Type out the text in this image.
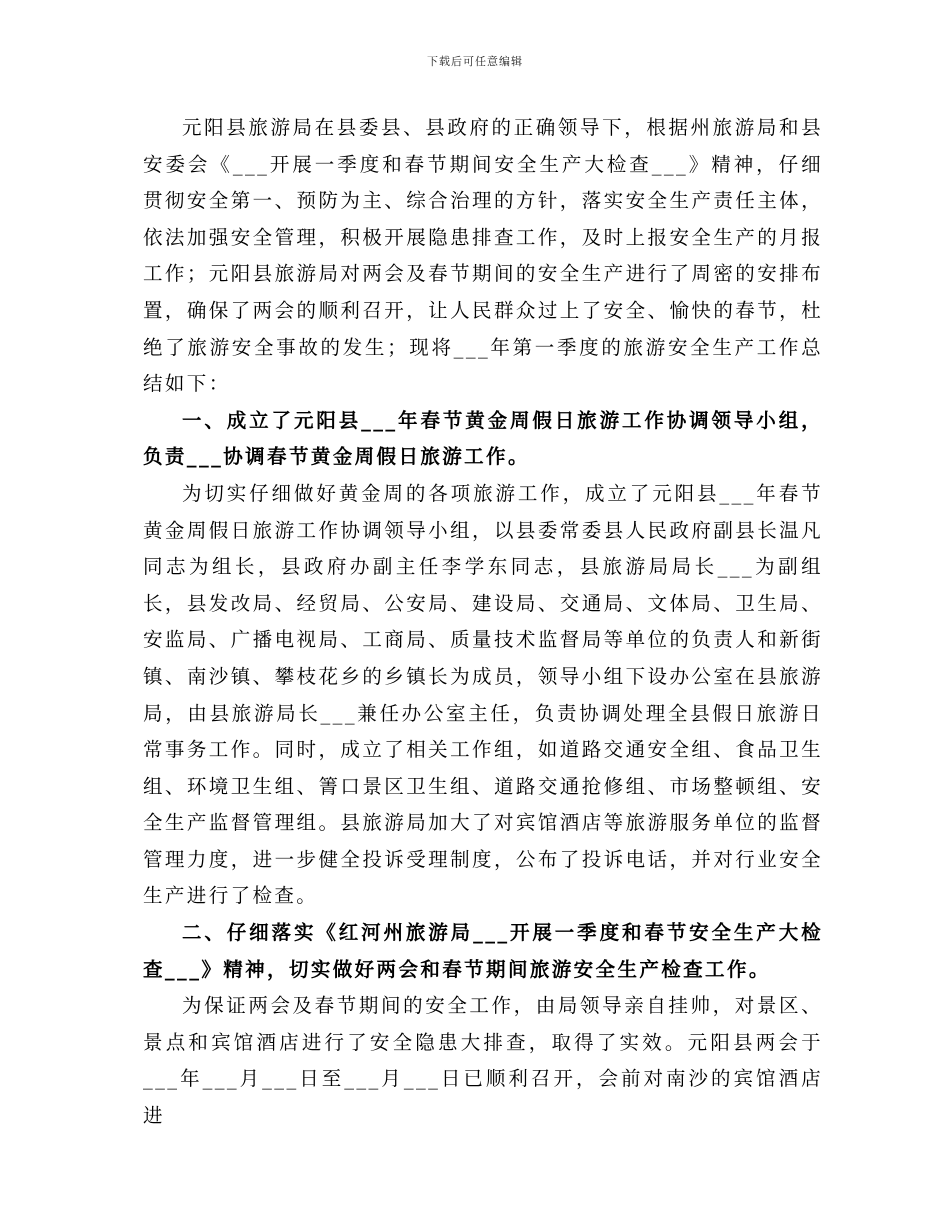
下载后可任意编辑

元阳县旅游局在县委县、县政府的正确领导下，根据州旅游局和县安委会《___开展一季度和春节期间安全生产大检查___》精神，仔细贯彻安全第一、预防为主、综合治理的方针，落实安全生产责任主体，依法加强安全管理，积极开展隐患排查工作，及时上报安全生产的月报工作；元阳县旅游局对两会及春节期间的安全生产进行了周密的安排布置，确保了两会的顺利召开，让人民群众过上了安全、愉快的春节，杜绝了旅游安全事故的发生；现将___年第一季度的旅游安全生产工作总结如下：

一、成立了元阳县___年春节黄金周假日旅游工作协调领导小组，负责___协调春节黄金周假日旅游工作。

为切实仔细做好黄金周的各项旅游工作，成立了元阳县___年春节黄金周假日旅游工作协调领导小组，以县委常委县人民政府副县长温凡同志为组长，县政府办副主任李学东同志，县旅游局局长___为副组长，县发改局、经贸局、公安局、建设局、交通局、文体局、卫生局、安监局、广播电视局、工商局、质量技术监督局等单位的负责人和新街镇、南沙镇、攀枝花乡的乡镇长为成员，领导小组下设办公室在县旅游局，由县旅游局长___兼任办公室主任，负责协调处理全县假日旅游日常事务工作。同时，成立了相关工作组，如道路交通安全组、食品卫生组、环境卫生组、箐口景区卫生组、道路交通抢修组、市场整顿组、安全生产监督管理组。县旅游局加大了对宾馆酒店等旅游服务单位的监督管理力度，进一步健全投诉受理制度，公布了投诉电话，并对行业安全生产进行了检查。

二、仔细落实《红河州旅游局___开展一季度和春节安全生产大检查___》精神，切实做好两会和春节期间旅游安全生产检查工作。

为保证两会及春节期间的安全工作，由局领导亲自挂帅，对景区、景点和宾馆酒店进行了安全隐患大排查，取得了实效。元阳县两会于___年___月___日至___月___日已顺利召开，会前对南沙的宾馆酒店进
